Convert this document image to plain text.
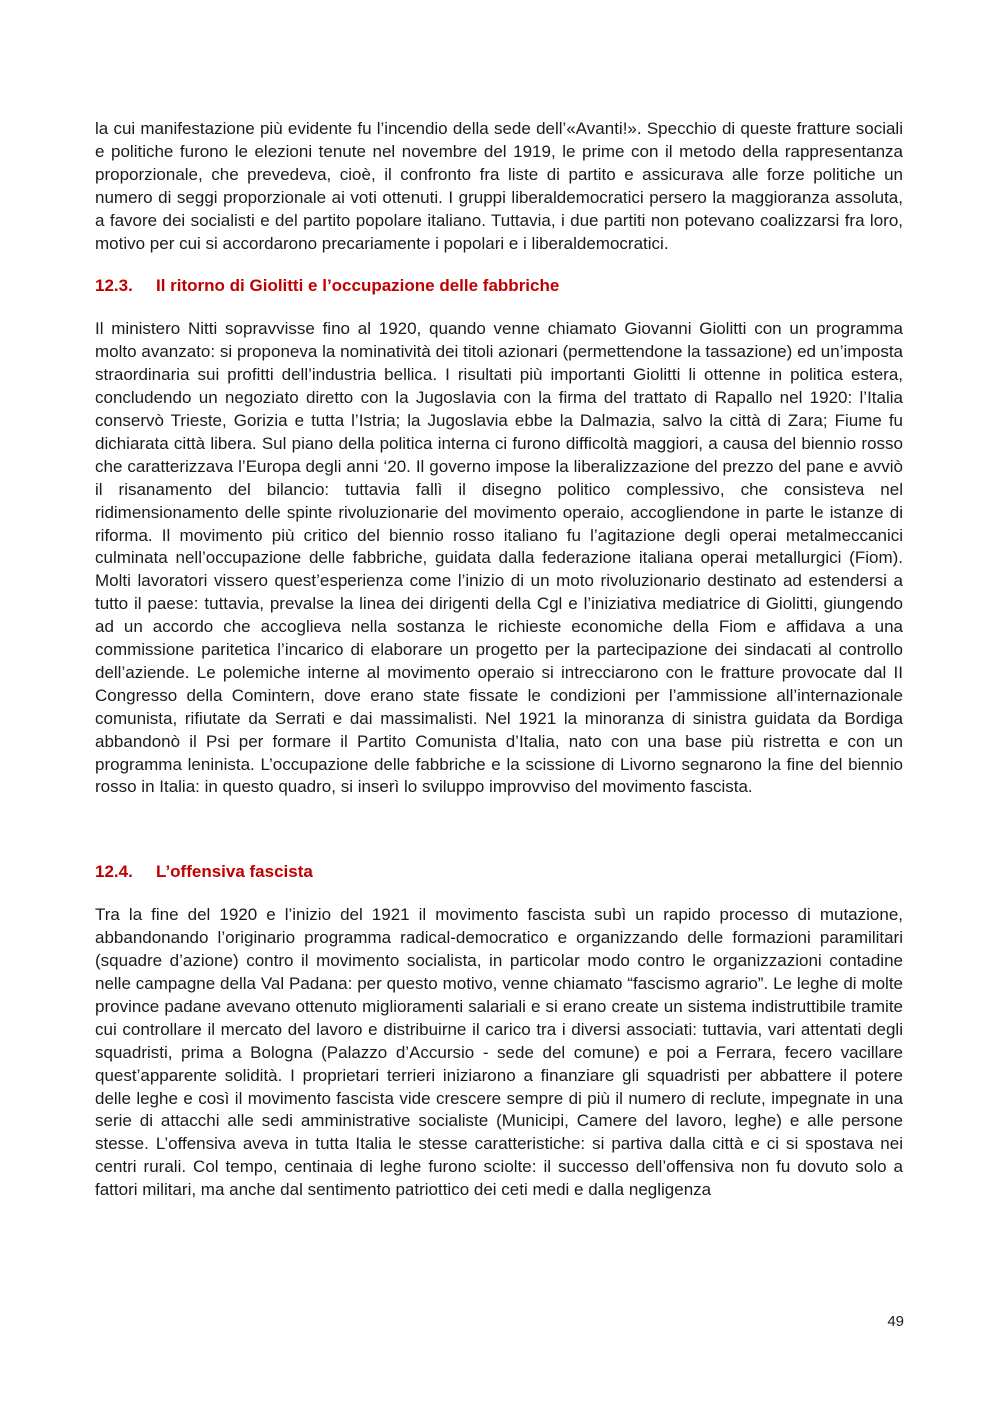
la cui manifestazione più evidente fu l’incendio della sede dell’«Avanti!». Specchio di queste fratture sociali e politiche furono le elezioni tenute nel novembre del 1919, le prime con il metodo della rappresentanza proporzionale, che prevedeva, cioè, il confronto fra liste di partito e assicurava alle forze politiche un numero di seggi proporzionale ai voti ottenuti. I gruppi liberaldemocratici persero la maggioranza assoluta, a favore dei socialisti e del partito popolare italiano. Tuttavia, i due partiti non potevano coalizzarsi fra loro, motivo per cui si accordarono precariamente i popolari e i liberaldemocratici.

12.3. Il ritorno di Giolitti e l’occupazione delle fabbriche

Il ministero Nitti sopravvisse fino al 1920, quando venne chiamato Giovanni Giolitti con un programma molto avanzato: si proponeva la nominatività dei titoli azionari (permettendone la tassazione) ed un’imposta straordinaria sui profitti dell’industria bellica. I risultati più importanti Giolitti li ottenne in politica estera, concludendo un negoziato diretto con la Jugoslavia con la firma del trattato di Rapallo nel 1920: l’Italia conservò Trieste, Gorizia e tutta l’Istria; la Jugoslavia ebbe la Dalmazia, salvo la città di Zara; Fiume fu dichiarata città libera. Sul piano della politica interna ci furono difficoltà maggiori, a causa del biennio rosso che caratterizzava l’Europa degli anni ‘20. Il governo impose la liberalizzazione del prezzo del pane e avviò il risanamento del bilancio: tuttavia fallì il disegno politico complessivo, che consisteva nel ridimensionamento delle spinte rivoluzionarie del movimento operaio, accogliendone in parte le istanze di riforma. Il movimento più critico del biennio rosso italiano fu l’agitazione degli operai metalmeccanici culminata nell’occupazione delle fabbriche, guidata dalla federazione italiana operai metallurgici (Fiom). Molti lavoratori vissero quest’esperienza come l’inizio di un moto rivoluzionario destinato ad estendersi a tutto il paese: tuttavia, prevalse la linea dei dirigenti della Cgl e l’iniziativa mediatrice di Giolitti, giungendo ad un accordo che accoglieva nella sostanza le richieste economiche della Fiom e affidava a una commissione paritetica l’incarico di elaborare un progetto per la partecipazione dei sindacati al controllo dell’aziende. Le polemiche interne al movimento operaio si intrecciarono con le fratture provocate dal II Congresso della Comintern, dove erano state fissate le condizioni per l’ammissione all’internazionale comunista, rifiutate da Serrati e dai massimalisti. Nel 1921 la minoranza di sinistra guidata da Bordiga abbandonò il Psi per formare il Partito Comunista d’Italia, nato con una base più ristretta e con un programma leninista. L’occupazione delle fabbriche e la scissione di Livorno segnarono la fine del biennio rosso in Italia: in questo quadro, si inserì lo sviluppo improvviso del movimento fascista.

12.4. L’offensiva fascista

Tra la fine del 1920 e l’inizio del 1921 il movimento fascista subì un rapido processo di mutazione, abbandonando l’originario programma radical-democratico e organizzando delle formazioni paramilitari (squadre d’azione) contro il movimento socialista, in particolar modo contro le organizzazioni contadine nelle campagne della Val Padana: per questo motivo, venne chiamato “fascismo agrario”. Le leghe di molte province padane avevano ottenuto miglioramenti salariali e si erano create un sistema indistruttibile tramite cui controllare il mercato del lavoro e distribuirne il carico tra i diversi associati: tuttavia, vari attentati degli squadristi, prima a Bologna (Palazzo d’Accursio - sede del comune) e poi a Ferrara, fecero vacillare quest’apparente solidità. I proprietari terrieri iniziarono a finanziare gli squadristi per abbattere il potere delle leghe e così il movimento fascista vide crescere sempre di più il numero di reclute, impegnate in una serie di attacchi alle sedi amministrative socialiste (Municipi, Camere del lavoro, leghe) e alle persone stesse. L’offensiva aveva in tutta Italia le stesse caratteristiche: si partiva dalla città e ci si spostava nei centri rurali. Col tempo, centinaia di leghe furono sciolte: il successo dell’offensiva non fu dovuto solo a fattori militari, ma anche dal sentimento patriottico dei ceti medi e dalla negligenza

49
